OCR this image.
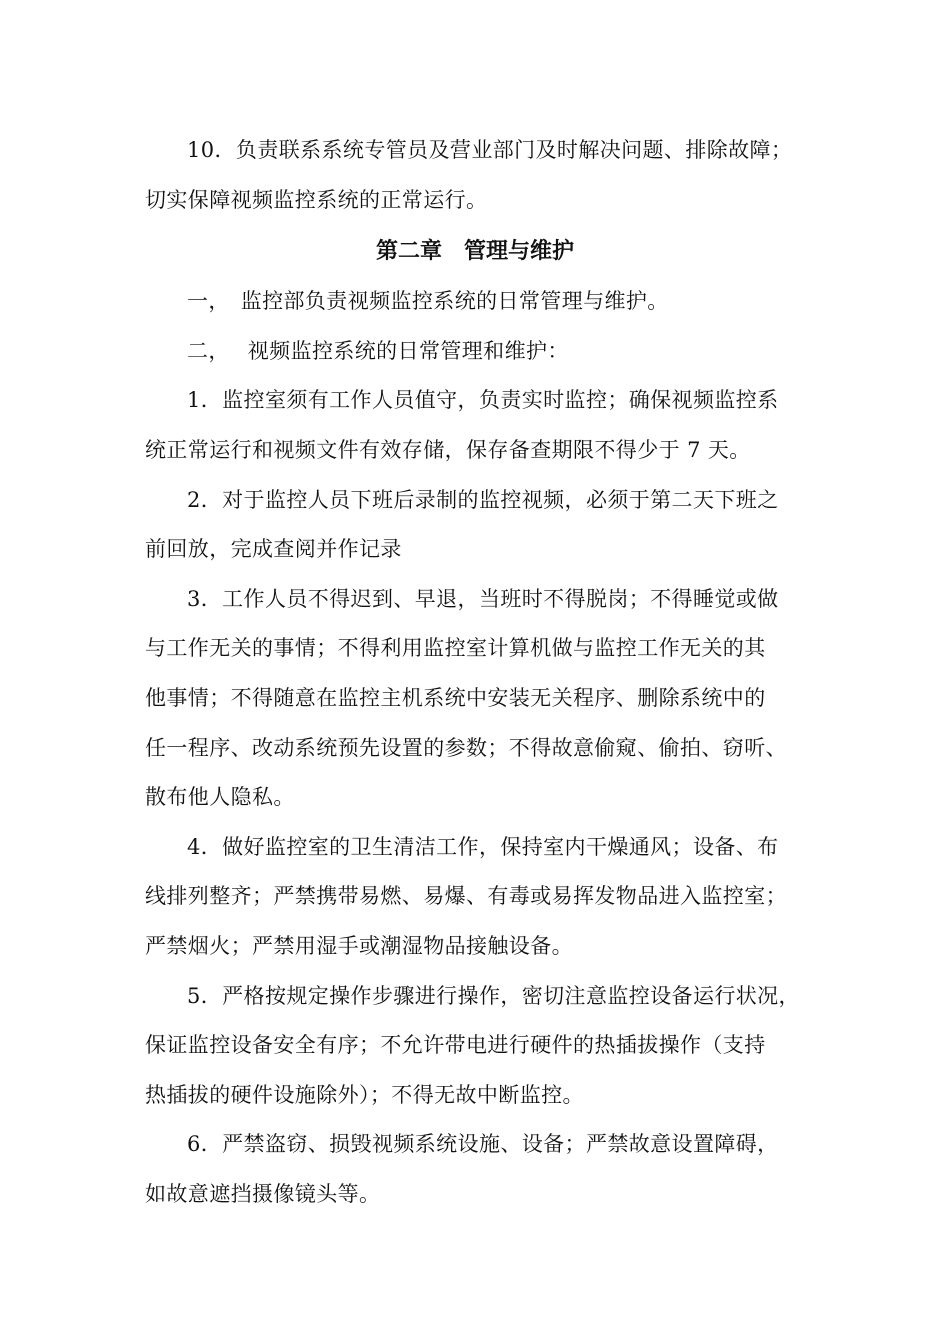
10．负责联系系统专管员及营业部门及时解决问题、排除故障；
切实保障视频监控系统的正常运行。
第二章　管理与维护
一，　监控部负责视频监控系统的日常管理与维护。
二，　 视频监控系统的日常管理和维护：
1．监控室须有工作人员值守，负责实时监控；确保视频监控系
统正常运行和视频文件有效存储，保存备查期限不得少于 7 天。
2．对于监控人员下班后录制的监控视频，必须于第二天下班之
前回放，完成查阅并作记录
3．工作人员不得迟到、早退，当班时不得脱岗；不得睡觉或做
与工作无关的事情；不得利用监控室计算机做与监控工作无关的其
他事情；不得随意在监控主机系统中安装无关程序、删除系统中的
任一程序、改动系统预先设置的参数；不得故意偷窥、偷拍、窃听、
散布他人隐私。
4．做好监控室的卫生清洁工作，保持室内干燥通风；设备、布
线排列整齐；严禁携带易燃、易爆、有毒或易挥发物品进入监控室；
严禁烟火；严禁用湿手或潮湿物品接触设备。
5．严格按规定操作步骤进行操作，密切注意监控设备运行状况，
保证监控设备安全有序；不允许带电进行硬件的热插拔操作（支持
热插拔的硬件设施除外）；不得无故中断监控。
6．严禁盗窃、损毁视频系统设施、设备；严禁故意设置障碍，
如故意遮挡摄像镜头等。
